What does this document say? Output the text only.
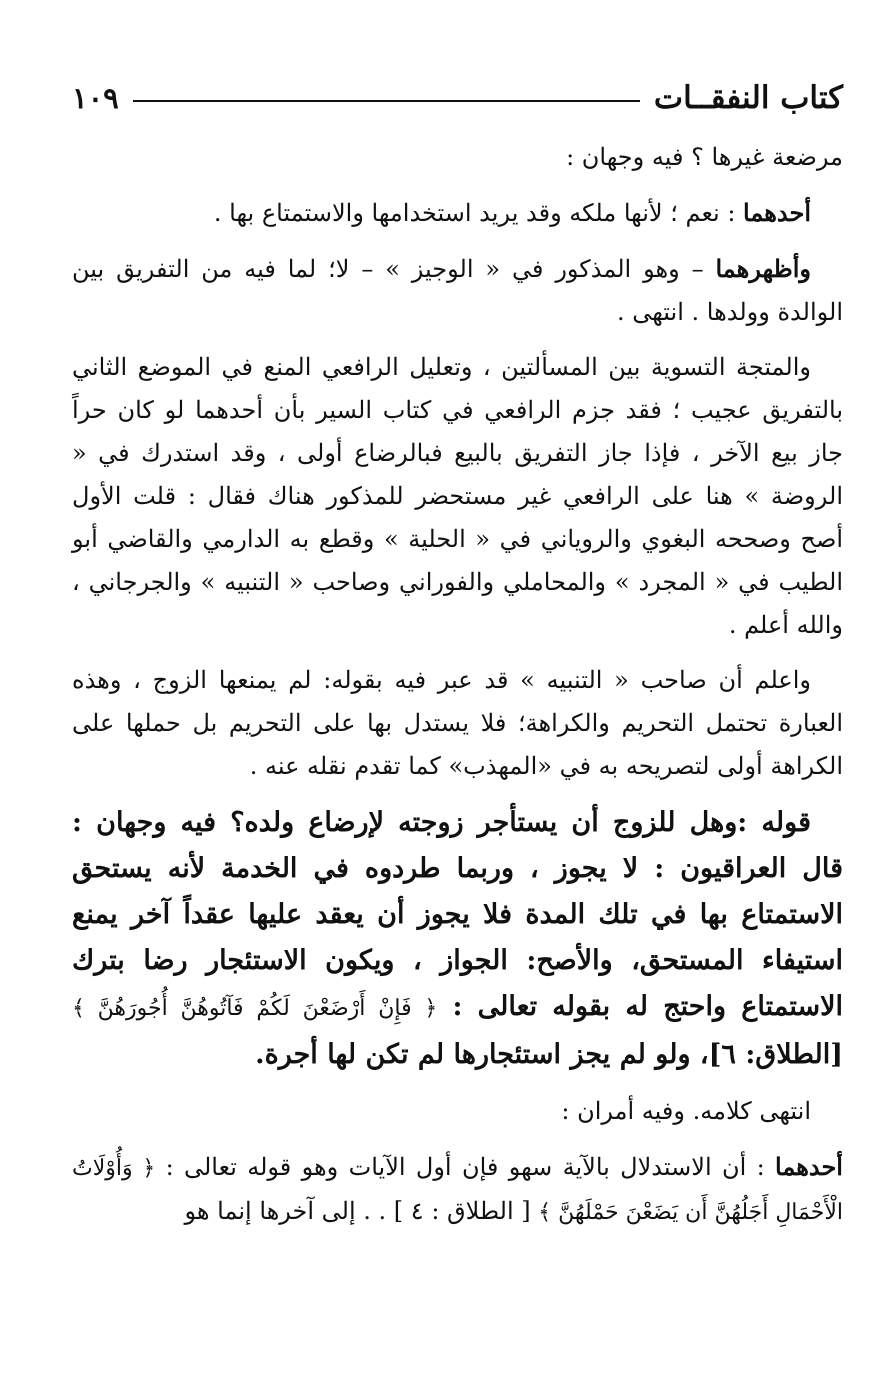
كتاب النفقــات
١٠٩

مرضعة غيرها ؟ فيه وجهان :

أحدهما : نعم ؛ لأنها ملكه وقد يريد استخدامها والاستمتاع بها .

وأظهرهما – وهو المذكور في « الوجيز » – لا؛ لما فيه من التفريق بين الوالدة وولدها . انتهى .

والمتجة التسوية بين المسألتين ، وتعليل الرافعي المنع في الموضع الثاني بالتفريق عجيب ؛ فقد جزم الرافعي في كتاب السير بأن أحدهما لو كان حراً جاز بيع الآخر ، فإذا جاز التفريق بالبيع فبالرضاع أولى ، وقد استدرك في « الروضة » هنا على الرافعي غير مستحضر للمذكور هناك فقال : قلت الأول أصح وصححه البغوي والروياني في « الحلية » وقطع به الدارمي والقاضي أبو الطيب في « المجرد » والمحاملي والفوراني وصاحب « التنبيه » والجرجاني ، والله أعلم .

واعلم أن صاحب « التنبيه » قد عبر فيه بقوله: لم يمنعها الزوج ، وهذه العبارة تحتمل التحريم والكراهة؛ فلا يستدل بها على التحريم بل حملها على الكراهة أولى لتصريحه به في «المهذب» كما تقدم نقله عنه .

قوله :وهل للزوج أن يستأجر زوجته لإرضاع ولده؟ فيه وجهان : قال العراقيون : لا يجوز ، وربما طردوه في الخدمة لأنه يستحق الاستمتاع بها في تلك المدة فلا يجوز أن يعقد عليها عقداً آخر يمنع استيفاء المستحق، والأصح: الجواز ، ويكون الاستئجار رضا بترك الاستمتاع واحتج له بقوله تعالى : ﴿ فَإِنْ أَرْضَعْنَ لَكُمْ فَآتُوهُنَّ أُجُورَهُنَّ ﴾ [الطلاق: ٦]، ولو لم يجز استئجارها لم تكن لها أجرة.

انتهى كلامه. وفيه أمران :

أحدهما : أن الاستدلال بالآية سهو فإن أول الآيات وهو قوله تعالى : ﴿ وَأُوْلَاتُ الْأَحْمَالِ أَجَلُهُنَّ أَن يَضَعْنَ حَمْلَهُنَّ ﴾ [ الطلاق : ٤ ] . . إلى آخرها إنما هو
